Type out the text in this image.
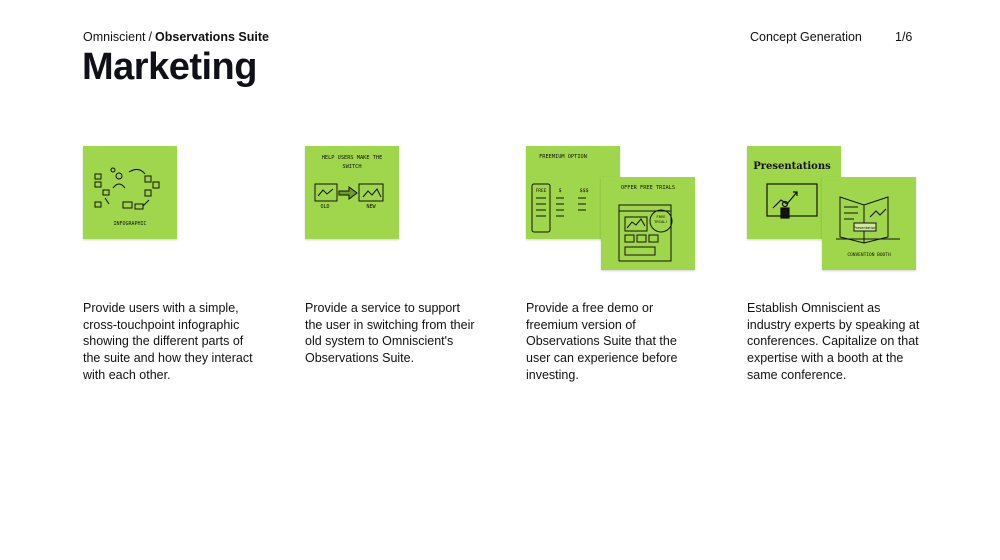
Omniscient / Observations Suite
Marketing
Concept Generation	1/6
INFOGRAPHIC
Provide users with a simple, cross-touchpoint infographic showing the different parts of the suite and how they interact with each other.
HELP USERS MAKE THE SWITCH
OLD	NEW
Provide a service to support the user in switching from their old system to Omniscient's Observations Suite.
FREEMIUM OPTION
FREE $	$$$	OFFER FREE TRIALS
FREE TRIAL!
Provide a free demo or freemium version of Observations Suite that the user can experience before investing.
Presentations
Presentation
CONVENTION BOOTH
Establish Omniscient as industry experts by speaking at conferences. Capitalize on that expertise with a booth at the same conference.
